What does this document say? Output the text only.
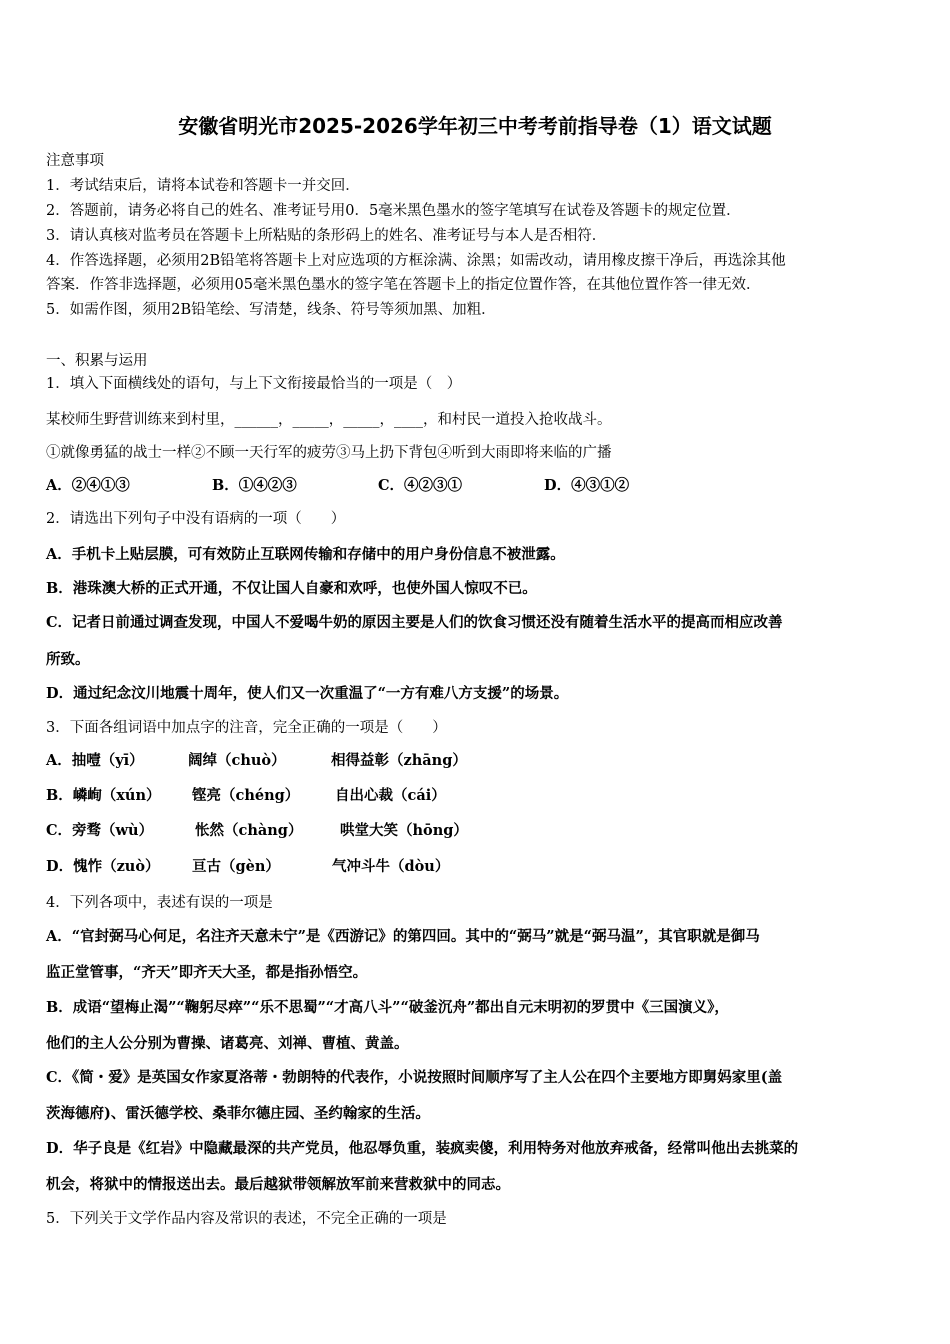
安徽省明光市2025-2026学年初三中考考前指导卷（1）语文试题
注意事项
1．考试结束后，请将本试卷和答题卡一并交回．
2．答题前，请务必将自己的姓名、准考证号用0．5毫米黑色墨水的签字笔填写在试卷及答题卡的规定位置．
3．请认真核对监考员在答题卡上所粘贴的条形码上的姓名、准考证号与本人是否相符．
4．作答选择题，必须用2B铅笔将答题卡上对应选项的方框涂满、涂黑；如需改动，请用橡皮擦干净后，再选涂其他
答案．作答非选择题，必须用05毫米黑色墨水的签字笔在答题卡上的指定位置作答，在其他位置作答一律无效．
5．如需作图，须用2B铅笔绘、写清楚，线条、符号等须加黑、加粗．
一、积累与运用
1．填入下面横线处的语句，与上下文衔接最恰当的一项是（　）
某校师生野营训练来到村里，______，_____，_____，____，和村民一道投入抢收战斗。
①就像勇猛的战士一样②不顾一天行军的疲劳③马上扔下背包④听到大雨即将来临的广播
A．②④①③	B．①④②③	C．④②③①	D．④③①②
2．请选出下列句子中没有语病的一项（　　）
A．手机卡上贴层膜，可有效防止互联网传输和存储中的用户身份信息不被泄露。
B．港珠澳大桥的正式开通，不仅让国人自豪和欢呼，也使外国人惊叹不已。
C．记者日前通过调查发现，中国人不爱喝牛奶的原因主要是人们的饮食习惯还没有随着生活水平的提高而相应改善
所致。
D．通过纪念汶川地震十周年，使人们又一次重温了“一方有难八方支援”的场景。
3．下面各组词语中加点字的注音，完全正确的一项是（　　）
A．抽噎（yī）	阔绰（chuò）	相得益彰（zhāng）
B．嶙峋（xún） 铿亮（chéng） 自出心裁（cái）
C．旁骛（wù）	怅然（chàng）	哄堂大笑（hōng）
D．愧怍（zuò） 亘古（gèn）	气冲斗牛（dòu）
4．下列各项中，表述有误的一项是
A．“官封弼马心何足，名注齐天意未宁”是《西游记》的第四回。其中的“弼马”就是“弼马温”，其官职就是御马
监正堂管事，“齐天”即齐天大圣，都是指孙悟空。
B．成语“望梅止渴”“鞠躬尽瘁”“乐不思蜀”“才高八斗”“破釜沉舟”都出自元末明初的罗贯中《三国演义》，
他们的主人公分别为曹操、诸葛亮、刘禅、曹植、黄盖。
C．《简・爱》是英国女作家夏洛蒂・勃朗特的代表作，小说按照时间顺序写了主人公在四个主要地方即舅妈家里(盖
茨海德府)、雷沃德学校、桑菲尔德庄园、圣约翰家的生活。
D．华子良是《红岩》中隐藏最深的共产党员，他忍辱负重，装疯卖傻，利用特务对他放弃戒备，经常叫他出去挑菜的
机会，将狱中的情报送出去。最后越狱带领解放军前来营救狱中的同志。
5．下列关于文学作品内容及常识的表述，不完全正确的一项是
